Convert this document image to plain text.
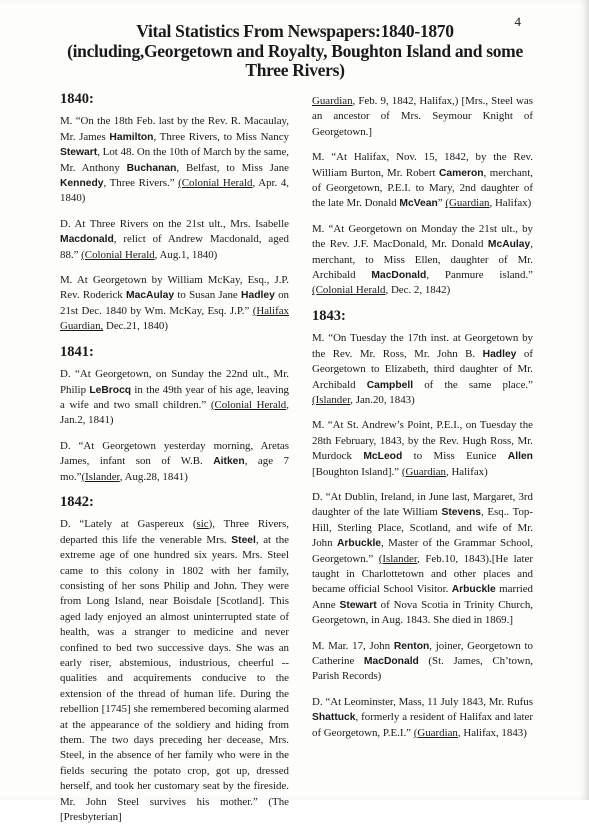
4
Vital Statistics From Newspapers:1840-1870
(including,Georgetown and Royalty, Boughton Island and some
Three Rivers)
1840:

M. “On the 18th Feb. last by the Rev. R. Macaulay, Mr. James Hamilton, Three Rivers, to Miss Nancy Stewart, Lot 48. On the 10th of March by the same, Mr. Anthony Buchanan, Belfast, to Miss Jane Kennedy, Three Rivers.” (Colonial Herald, Apr. 4, 1840)

D. At Three Rivers on the 21st ult., Mrs. Isabelle Macdonald, relict of Andrew Macdonald, aged 88.” (Colonial Herald, Aug.1, 1840)

M. At Georgetown by William McKay, Esq., J.P. Rev. Roderick MacAulay to Susan Jane Hadley on 21st Dec. 1840 by Wm. McKay, Esq. J.P.” (Halifax Guardian, Dec.21, 1840)

1841:

D. “At Georgetown, on Sunday the 22nd ult., Mr. Philip LeBrocq in the 49th year of his age, leaving a wife and two small children.” (Colonial Herald, Jan.2, 1841)

D. “At Georgetown yesterday morning, Aretas James, infant son of W.B. Aitken, age 7 mo.”(Islander, Aug.28, 1841)

1842:

D. “Lately at Gaspereux (sic), Three Rivers, departed this life the venerable Mrs. Steel, at the extreme age of one hundred six years. Mrs. Steel came to this colony in 1802 with her family, consisting of her sons Philip and John. They were from Long Island, near Boisdale [Scotland]. This aged lady enjoyed an almost uninterrupted state of health, was a stranger to medicine and never confined to bed two successive days. She was an early riser, abstemious, industrious, cheerful -- qualities and acquirements conducive to the extension of the thread of human life. During the rebellion [1745] she remembered becoming alarmed at the appearance of the soldiery and hiding from them. The two days preceding her decease, Mrs. Steel, in the absence of her family who were in the fields securing the potato crop, got up, dressed herself, and took her customary seat by the fireside. Mr. John Steel survives his mother.” (The [Presbyterian]

Guardian, Feb. 9, 1842, Halifax,) [Mrs., Steel was an ancestor of Mrs. Seymour Knight of Georgetown.]

M. “At Halifax, Nov. 15, 1842, by the Rev. William Burton, Mr. Robert Cameron, merchant, of Georgetown, P.E.I. to Mary, 2nd daughter of the late Mr. Donald McVean” (Guardian, Halifax)

M. “At Georgetown on Monday the 21st ult., by the Rev. J.F. MacDonald, Mr. Donald McAulay, merchant, to Miss Ellen, daughter of Mr. Archibald MacDonald, Panmure island.” (Colonial Herald, Dec. 2, 1842)

1843:

M. “On Tuesday the 17th inst. at Georgetown by the Rev. Mr. Ross, Mr. John B. Hadley of Georgetown to Elizabeth, third daughter of Mr. Archibald Campbell of the same place.” (Islander, Jan.20, 1843)

M. “At St. Andrew’s Point, P.E.I., on Tuesday the 28th February, 1843, by the Rev. Hugh Ross, Mr. Murdock McLeod to Miss Eunice Allen [Boughton Island].” (Guardian, Halifax)

D. “At Dublin, Ireland, in June last, Margaret, 3rd daughter of the late William Stevens, Esq.. Top-Hill, Sterling Place, Scotland, and wife of Mr. John Arbuckle, Master of the Grammar School, Georgetown.” (Islander, Feb.10, 1843).[He later taught in Charlottetown and other places and became official School Visitor. Arbuckle married Anne Stewart of Nova Scotia in Trinity Church, Georgetown, in Aug. 1843. She died in 1869.]

M. Mar. 17, John Renton, joiner, Georgetown to Catherine MacDonald (St. James, Ch’town, Parish Records)

D. “At Leominster, Mass, 11 July 1843, Mr. Rufus Shattuck, formerly a resident of Halifax and later of Georgetown, P.E.I.” (Guardian, Halifax, 1843)
